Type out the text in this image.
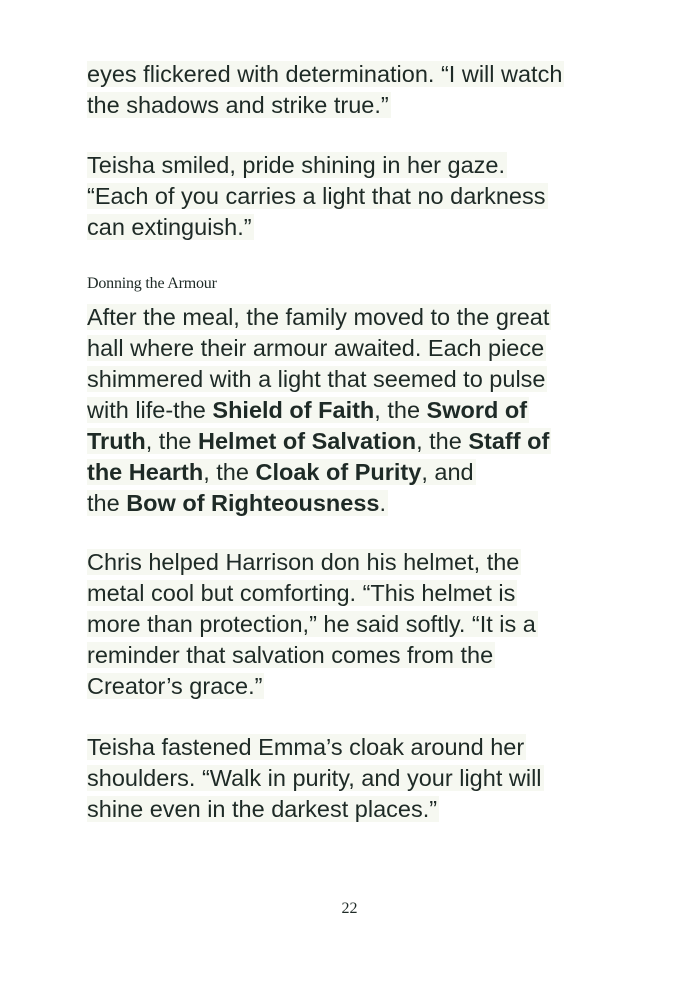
eyes flickered with determination. “I will watch
the shadows and strike true.”

Teisha smiled, pride shining in her gaze.
“Each of you carries a light that no darkness
can extinguish.”

Donning the Armour

After the meal, the family moved to the great
hall where their armour awaited. Each piece
shimmered with a light that seemed to pulse
with life-the Shield of Faith, the Sword of
Truth, the Helmet of Salvation, the Staff of
the Hearth, the Cloak of Purity, and
the Bow of Righteousness.

Chris helped Harrison don his helmet, the
metal cool but comforting. “This helmet is
more than protection,” he said softly. “It is a
reminder that salvation comes from the
Creator’s grace.”

Teisha fastened Emma’s cloak around her
shoulders. “Walk in purity, and your light will
shine even in the darkest places.”

22
